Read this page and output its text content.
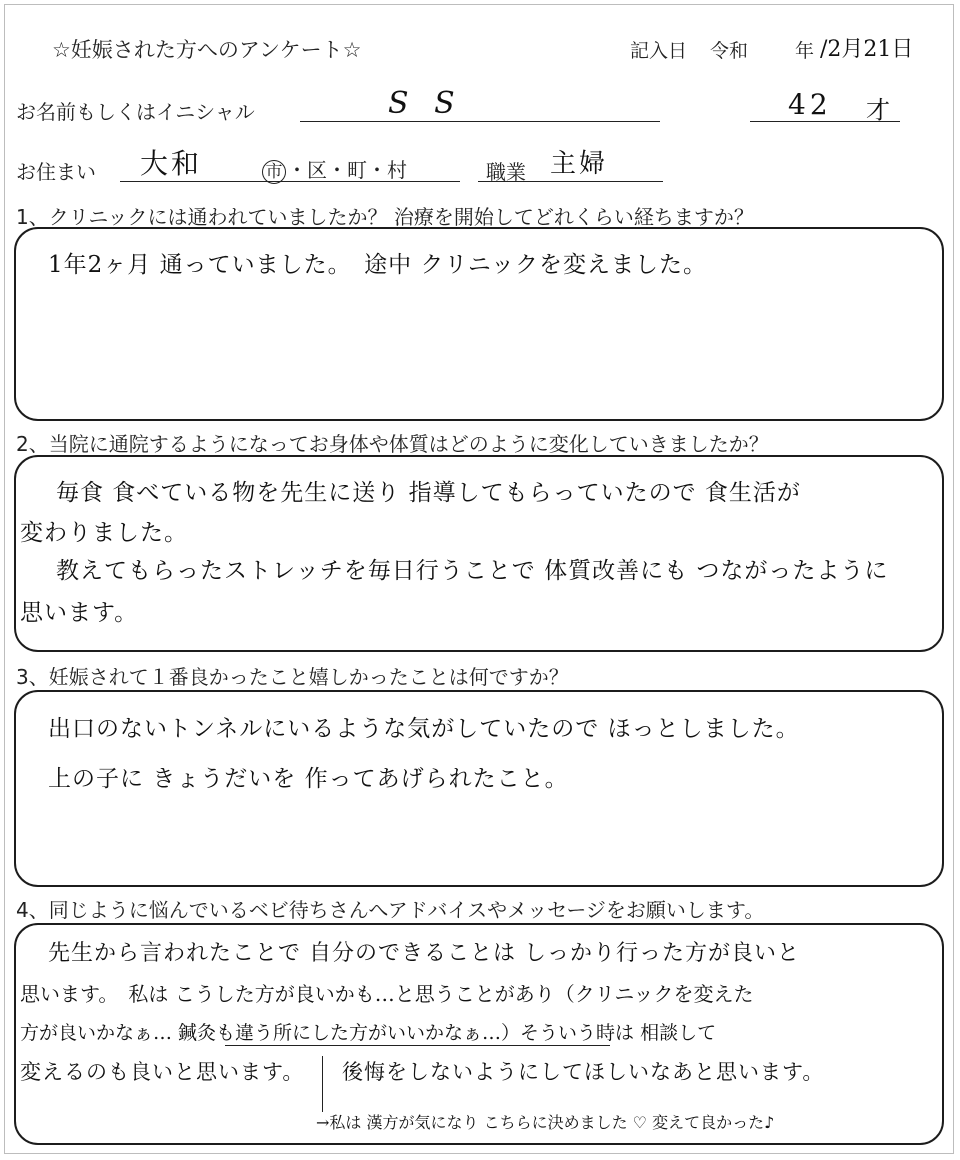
☆妊娠された方へのアンケート☆	記入日 令和 年 /2月21日
お名前もしくはイニシャル	S S	42 才
お住まい 大和	市 ・区・町・村	職業 主婦
1、クリニックには通われていましたか？ 治療を開始してどれくらい経ちますか？
1年2ヶ月 通っていました。　途中 クリニックを変えました。
2、当院に通院するようになってお身体や体質はどのように変化していきましたか？
毎食 食べている物を先生に送り 指導してもらっていたので 食生活が
変わりました。
教えてもらったストレッチを毎日行うことで 体質改善にも つながったように
思います。
3、妊娠されて１番良かったこと嬉しかったことは何ですか？
出口のないトンネルにいるような気がしていたので ほっとしました。
上の子に きょうだいを 作ってあげられたこと。
4、同じように悩んでいるベビ待ちさんへアドバイスやメッセージをお願いします。
先生から言われたことで 自分のできることは しっかり行った方が良いと
思います。　私は こうした方が良いかも…と思うことがあり（クリニックを変えた
方が良いかなぁ… 鍼灸も違う所にした方がいいかなぁ…）そういう時は 相談して
変えるのも良いと思います。 後悔をしないようにしてほしいなあと思います。
→私は 漢方が気になり こちらに決めました ♡ 変えて良かった♪
